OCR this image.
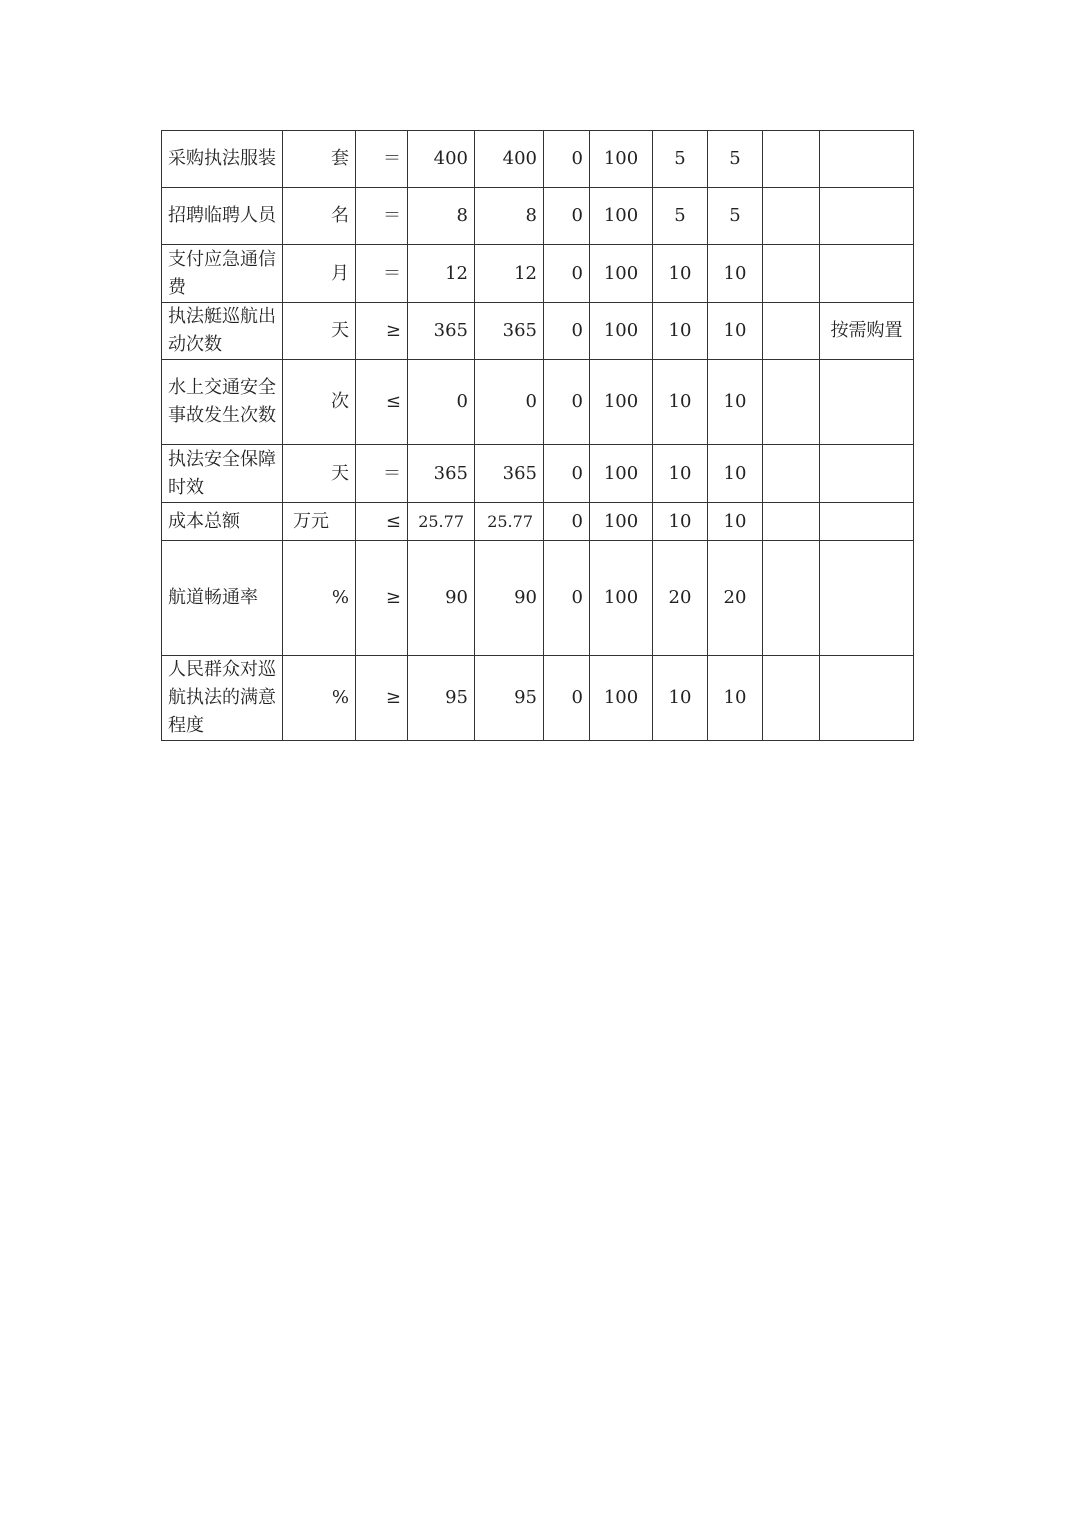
采购执法服装	套	＝	400	400	0	100	5	5		
招聘临聘人员	名	＝	8	8	0	100	5	5		
支付应急通信费	月	＝	12	12	0	100	10	10		
执法艇巡航出动次数	天	≥	365	365	0	100	10	10		按需购置
水上交通安全事故发生次数	次	≤	0	0	0	100	10	10		
执法安全保障时效	天	＝	365	365	0	100	10	10		
成本总额	万元	≤	25.77	25.77	0	100	10	10		
航道畅通率	%	≥	90	90	0	100	20	20		
人民群众对巡航执法的满意程度	%	≥	95	95	0	100	10	10		
